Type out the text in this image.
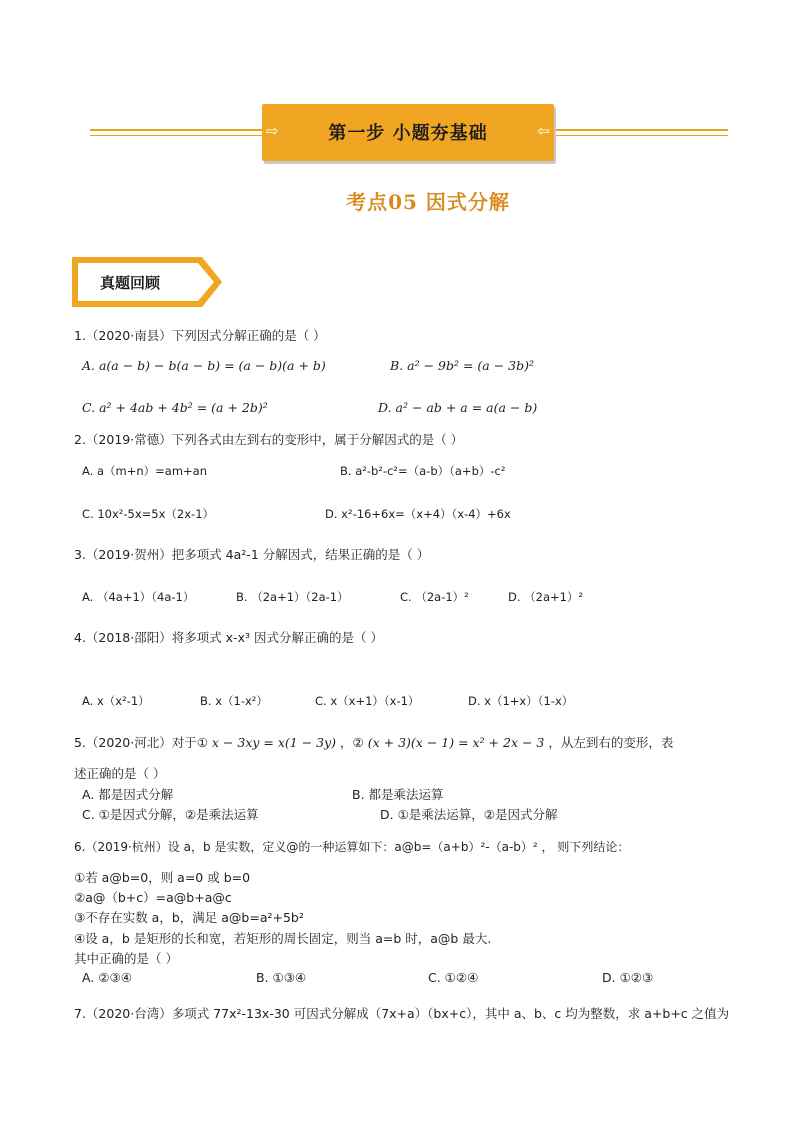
⇨	第一步 小题夯基础	⇦
考点05 因式分解
真题回顾
1.（2020·南县）下列因式分解正确的是（ ）
A. a(a − b) − b(a − b) = (a − b)(a + b)	B. a² − 9b² = (a − 3b)²
C. a² + 4ab + 4b² = (a + 2b)²	D. a² − ab + a = a(a − b)
2.（2019·常德）下列各式由左到右的变形中，属于分解因式的是（ ）
A. a（m+n）=am+an	B. a²-b²-c²=（a-b）（a+b）-c²
C. 10x²-5x=5x（2x-1）	D. x²-16+6x=（x+4）（x-4）+6x
3.（2019·贺州）把多项式 4a²-1 分解因式，结果正确的是（ ）
A. （4a+1）（4a-1）	B. （2a+1）（2a-1）	C. （2a-1）²	D. （2a+1）²
4.（2018·邵阳）将多项式 x-x³ 因式分解正确的是（ ）
A. x（x²-1）	B. x（1-x²）	C. x（x+1）（x-1）	D. x（1+x）（1-x）
5.（2020·河北）对于① x − 3xy = x(1 − 3y) ，② (x + 3)(x − 1) = x² + 2x − 3 ，从左到右的变形，表
述正确的是（ ）
A. 都是因式分解	B. 都是乘法运算
C. ①是因式分解，②是乘法运算	D. ①是乘法运算，②是因式分解
6.（2019·杭州）设 a，b 是实数，定义@的一种运算如下：a@b=（a+b）²-（a-b）² ， 则下列结论：
①若 a@b=0，则 a=0 或 b=0
②a@（b+c）=a@b+a@c
③不存在实数 a，b，满足 a@b=a²+5b²
④设 a，b 是矩形的长和宽，若矩形的周长固定，则当 a=b 时，a@b 最大.
其中正确的是（ ）
A. ②③④	B. ①③④	C. ①②④	D. ①②③
7.（2020·台湾）多项式 77x²-13x-30 可因式分解成（7x+a）（bx+c），其中 a、b、c 均为整数，求 a+b+c 之值为
